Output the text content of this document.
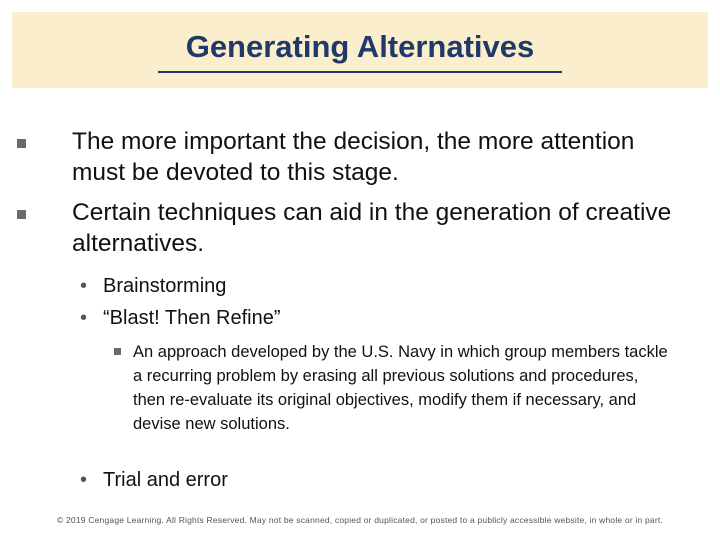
Generating Alternatives
The more important the decision, the more attention must be devoted to this stage.
Certain techniques can aid in the generation of creative alternatives.
• Brainstorming
• “Blast! Then Refine”
An approach developed by the U.S. Navy in which group members tackle a recurring problem by erasing all previous solutions and procedures, then re-evaluate its original objectives, modify them if necessary, and devise new solutions.
• Trial and error
© 2019 Cengage Learning. All Rights Reserved. May not be scanned, copied or duplicated, or posted to a publicly accessible website, in whole or in part.
